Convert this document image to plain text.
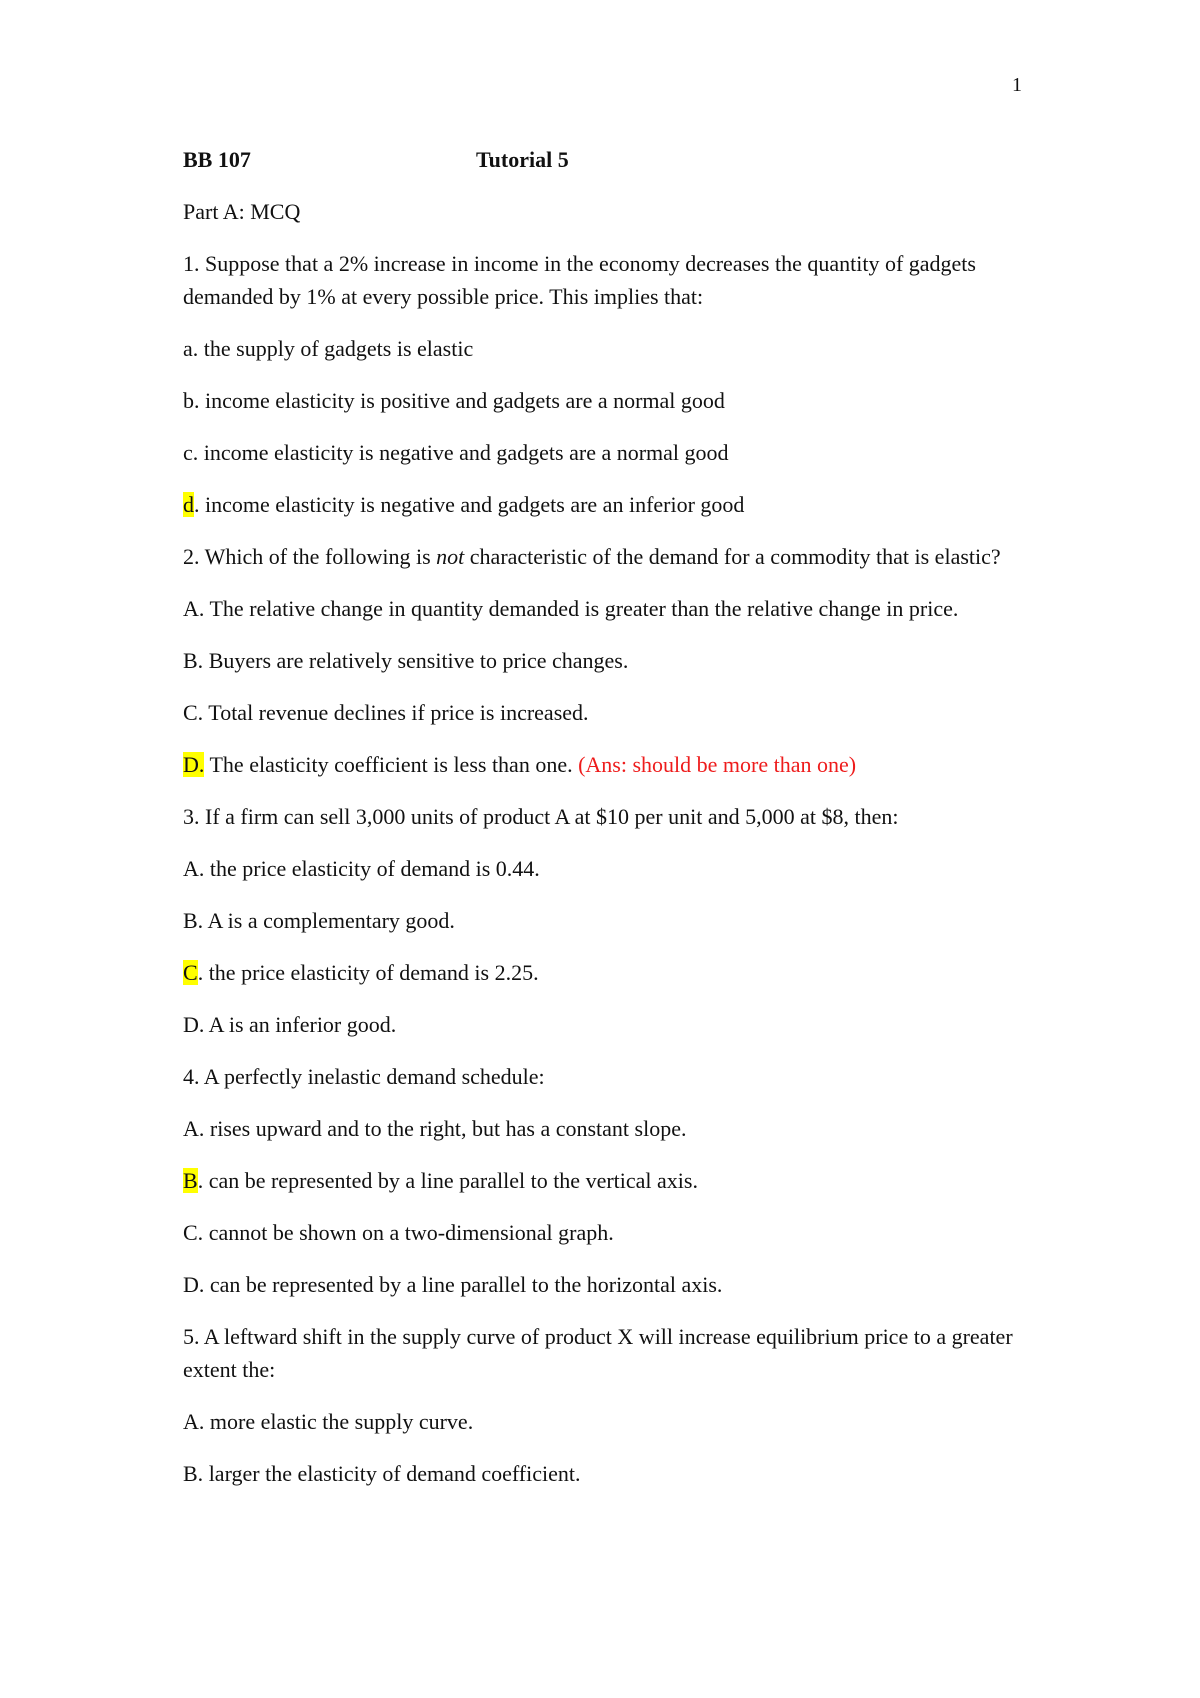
1
BB 107	Tutorial 5

Part A: MCQ

1. Suppose that a 2% increase in income in the economy decreases the quantity of gadgets demanded by 1% at every possible price. This implies that:

a. the supply of gadgets is elastic

b. income elasticity is positive and gadgets are a normal good

c. income elasticity is negative and gadgets are a normal good

d. income elasticity is negative and gadgets are an inferior good

2. Which of the following is not characteristic of the demand for a commodity that is elastic?

A. The relative change in quantity demanded is greater than the relative change in price.

B. Buyers are relatively sensitive to price changes.

C. Total revenue declines if price is increased.

D. The elasticity coefficient is less than one. (Ans: should be more than one)

3. If a firm can sell 3,000 units of product A at $10 per unit and 5,000 at $8, then:

A. the price elasticity of demand is 0.44.

B. A is a complementary good.

C. the price elasticity of demand is 2.25.

D. A is an inferior good.

4. A perfectly inelastic demand schedule:

A. rises upward and to the right, but has a constant slope.

B. can be represented by a line parallel to the vertical axis.

C. cannot be shown on a two-dimensional graph.

D. can be represented by a line parallel to the horizontal axis.

5. A leftward shift in the supply curve of product X will increase equilibrium price to a greater extent the:

A. more elastic the supply curve.

B. larger the elasticity of demand coefficient.
